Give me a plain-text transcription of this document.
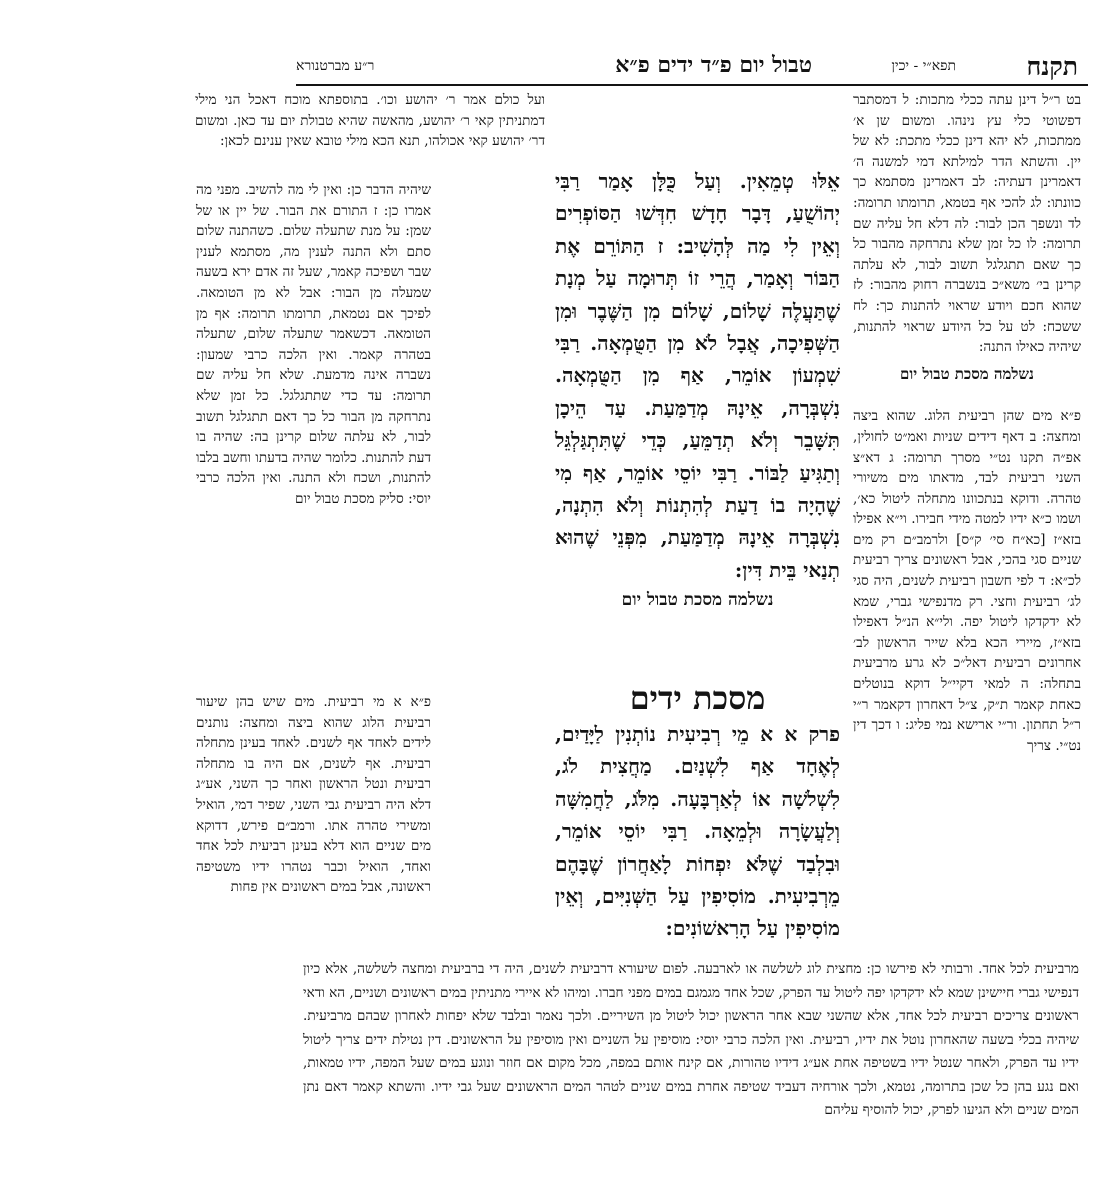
תקנח
תפא״י - יכין
טבול יום פ״ד ידים פ״א
ר״ע מברטנורא

בט ר״ל דינן עתה ככלי מתכות: ל דמסתבר דפשוטי כלי עץ נינהו. ומשום שן א׳ ממתכות, לא יהא דינן ככלי מתכת: לא של יין. והשתא הדר למילתא דמי למשנה ה׳ דאמרינן דעתיה: לב דאמרינן מסתמא כך כוונתו: לג להכי אף בטמא, תרומתו תרומה: לד ונשפך הכן לבור: לה דלא חל עליה שם תרומה: לו כל זמן שלא נתרחקה מהבור כל כך שאם תתגלגל תשוב לבור, לא עלתה קרינן בי׳ משא״כ בנשברה רחוק מהבור: לז שהוא חכם ויודע שראוי להתנות כך: לח ששכח: לט על כל היודע שראוי להתנות, שיהיה כאילו התנה:

נשלמה מסכת טבול יום

פ״א מים שהן רביעית הלוג. שהוא ביצה ומחצה: ב דאף דידים שניות ואמ״ט לחולין, אפ״ה תקנו נט״י מסרך תרומה: ג דא״צ השני רביעית לבד, מדאתו מים משיורי טהרה. ודוקא בנתכוונו מתחלה ליטול כא׳, ושמו כ״א ידיו למטה מידי חבירו. וי״א אפילו בזא״ז [כא״ח סי׳ ק״ס] ולרמב״ם רק מים שניים סגי בהכי, אבל ראשונים צריך רביעית לכ״א: ד לפי חשבון רביעית לשנים, היה סגי לג׳ רביעית וחצי. רק מדנפישי גברי, שמא לא ידקדקו ליטול יפה. ולי״א הנ״ל דאפילו בזא״ז, מיירי הכא בלא שייר הראשון לב׳ אחרונים רביעית דאל״כ לא גרע מרביעית בתחלה: ה למאי דקיי״ל דוקא בנוטלים כאחת קאמר ת״ק, צ״ל דאחרון דקאמר ר״י ר״ל תחתון. ור״י ארישא נמי פליג: ו דכך דין נט״י. צריך

ועל כולם אמר ר׳ יהושע וכו׳. בתוספתא מוכח דאכל הני מילי דמתניתין קאי ר׳ יהושע, מהאשה שהיא טבולת יום עד כאן. ומשום דר׳ יהושע קאי אכולהו, תנא הכא מילי טובא שאין ענינם לכאן:

אֵלּוּ טְמֵאִין. וְעַל כֻּלָּן אָמַר רַבִּי יְהוֹשֻׁעַ, דָּבָר חָדָשׁ חִדְּשׁוּ הַסּוֹפְרִים וְאֵין לִי מַה לְּהָשִׁיב: ז הַתּוֹרֵם אֶת הַבּוֹר וְאָמַר, הֲרֵי זוֹ תְּרוּמָה עַל מְנָת שֶׁתַּעֲלֶה שָׁלוֹם, שָׁלוֹם מִן הַשֶּׁבֶר וּמִן הַשְּׁפִיכָה, אֲבָל לֹא מִן הַטֻּמְאָה. רַבִּי שִׁמְעוֹן אוֹמֵר, אַף מִן הַטֻּמְאָה. נִשְׁבְּרָה, אֵינָהּ מְדַמַּעַת. עַד הֵיכָן תִּשָּׁבֵר וְלֹא תְדַמֵּעַ, כְּדֵי שֶׁתִּתְגַּלְגֵּל וְתַגִּיעַ לַבּוֹר. רַבִּי יוֹסֵי אוֹמֵר, אַף מִי שֶׁהָיָה בוֹ דַעַת לְהִתְנוֹת וְלֹא הִתְנָה, נִשְׁבְּרָה אֵינָהּ מְדַמַּעַת, מִפְּנֵי שֶׁהוּא תְנַאי בֵּית דִּין:

נשלמה מסכת טבול יום

מסכת ידים

פרק א א מֵי רְבִיעִית נוֹתְנִין לַיָּדַיִם, לְאֶחָד אַף לִשְׁנַיִם. מַחֲצִית לֹג, לִשְׁלשָׁה אוֹ לְאַרְבָּעָה. מִלֹּג, לַחֲמִשָּׁה וְלַעֲשָׂרָה וּלְמֵאָה. רַבִּי יוֹסֵי אוֹמֵר, וּבִלְבַד שֶׁלֹּא יִפְחוֹת לָאַחֲרוֹן שֶׁבָּהֶם מֵרְבִיעִית. מוֹסִיפִין עַל הַשְּׁנִיִּים, וְאֵין מוֹסִיפִין עַל הָרִאשׁוֹנִים:

שיהיה הדבר כן: ואין לי מה להשיב. מפני מה אמרו כן: ז התורם את הבור. של יין או של שמן: על מנת שתעלה שלום. כשהתנה שלום סתם ולא התנה לענין מה, מסתמא לענין שבר ושפיכה קאמר, שעל זה אדם ירא בשעה שמעלה מן הבור: אבל לא מן הטומאה. לפיכך אם נטמאת, תרומתו תרומה: אף מן הטומאה. דכשאמר שתעלה שלום, שתעלה בטהרה קאמר. ואין הלכה כרבי שמעון: נשברה אינה מדמעת. שלא חל עליה שם תרומה: עד כדי שתתגלגל. כל זמן שלא נתרחקה מן הבור כל כך דאם תתגלגל תשוב לבור, לא עלתה שלום קרינן בה: שהיה בו דעת להתנות. כלומר שהיה בדעתו וחשב בלבו להתנות, ושכח ולא התנה. ואין הלכה כרבי יוסי: סליק מסכת טבול יום

פ״א א מי רביעית. מים שיש בהן שיעור רביעית הלוג שהוא ביצה ומחצה: נותנים לידים לאחד אף לשנים. לאחד בעינן מתחלה רביעית. אף לשנים, אם היה בו מתחלה רביעית ונטל הראשון ואחר כך השני, אע״ג דלא היה רביעית גבי השני, שפיר דמי, הואיל ומשירי טהרה אתו. ורמב״ם פירש, דדוקא מים שניים הוא דלא בעינן רביעית לכל אחד ואחד, הואיל וכבר נטהרו ידיו משטיפה ראשונה, אבל במים ראשונים אין פחות

מרביעית לכל אחד. ורבותי לא פירשו כן: מחצית לוג לשלשה או לארבעה. לפום שיעורא דרביעית לשנים, היה די ברביעית ומחצה לשלשה, אלא כיון דנפישי גברי חיישינן שמא לא ידקדקו יפה ליטול עד הפרק, שכל אחד מגמגם במים מפני חברו. ומיהו לא איירי מתניתין במים ראשונים ושניים, הא ודאי ראשונים צריכים רביעית לכל אחד, אלא שהשני שבא אחר הראשון יכול ליטול מן השיריים. ולכך נאמר ובלבד שלא יפחות לאחרון שבהם מרביעית. שיהיה בכלי בשעה שהאחרון נוטל את ידיו, רביעית. ואין הלכה כרבי יוסי: מוסיפין על השניים ואין מוסיפין על הראשונים. דין נטילת ידים צריך ליטול ידיו עד הפרק, ולאחר שנטל ידיו בשטיפה אחת אע״ג דידיו טהורות, אם קינח אותם במפה, מכל מקום אם חוזר ונוגע במים שעל המפה, ידיו טמאות, ואם נגע בהן כל שכן בתרומה, נטמא, ולכך אורחיה דעביד שטיפה אחרת במים שניים לטהר המים הראשונים שעל גבי ידיו. והשתא קאמר דאם נתן המים שניים ולא הגיעו לפרק, יכול להוסיף עליהם
